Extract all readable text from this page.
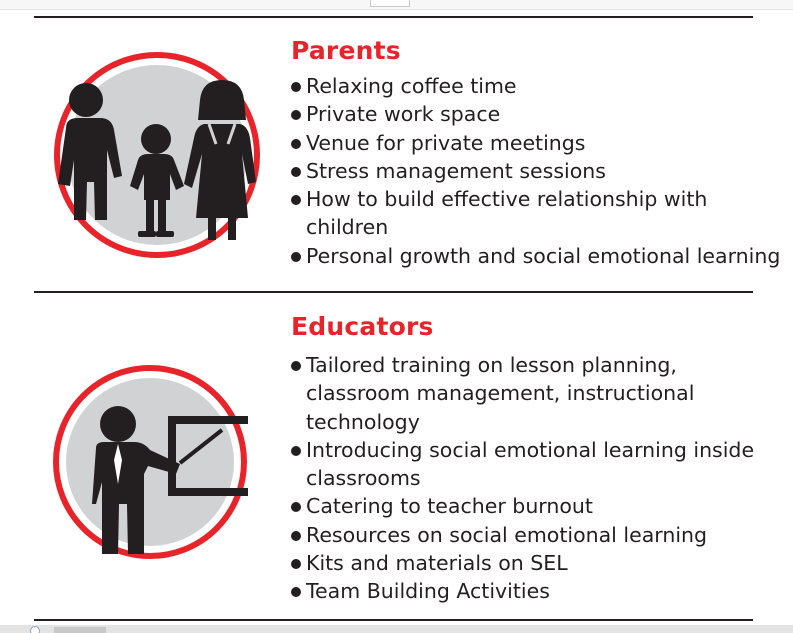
Parents
Relaxing coffee time
Private work space
Venue for private meetings
Stress management sessions
How to build effective relationship with children
Personal growth and social emotional learning
Educators
Tailored training on lesson planning, classroom management, instructional technology
Introducing social emotional learning inside classrooms
Catering to teacher burnout
Resources on social emotional learning
Kits and materials on SEL
Team Building Activities
